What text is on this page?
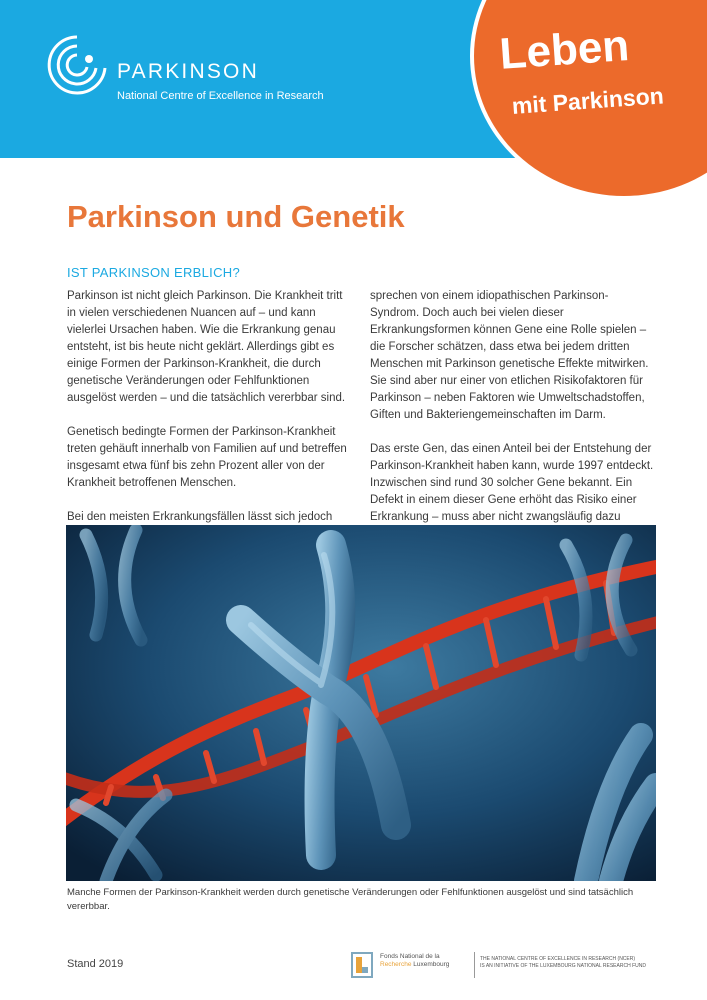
PARKINSON
National Centre of Excellence in Research
Leben
mit Parkinson
Parkinson und Genetik
IST PARKINSON ERBLICH?

Parkinson ist nicht gleich Parkinson. Die Krankheit tritt in vielen verschiedenen Nuancen auf – und kann vielerlei Ursachen haben. Wie die Erkrankung genau entsteht, ist bis heute nicht geklärt. Allerdings gibt es einige Formen der Parkinson-Krankheit, die durch genetische Veränderungen oder Fehlfunktionen ausgelöst werden – und die tatsächlich vererbbar sind.

Genetisch bedingte Formen der Parkinson-Krankheit treten gehäuft innerhalb von Familien auf und betreffen insgesamt etwa fünf bis zehn Prozent aller von der Krankheit betroffenen Menschen.

Bei den meisten Erkrankungsfällen lässt sich jedoch

sprechen von einem idiopathischen Parkinson-Syndrom. Doch auch bei vielen dieser Erkrankungsformen können Gene eine Rolle spielen – die Forscher schätzen, dass etwa bei jedem dritten Menschen mit Parkinson genetische Effekte mitwirken. Sie sind aber nur einer von etlichen Risikofaktoren für Parkinson – neben Faktoren wie Umweltschadstoffen, Giften und Bakteriengemeinschaften im Darm.

Das erste Gen, das einen Anteil bei der Entstehung der Parkinson-Krankheit haben kann, wurde 1997 entdeckt. Inzwischen sind rund 30 solcher Gene bekannt. Ein Defekt in einem dieser Gene erhöht das Risiko einer Erkrankung – muss aber nicht zwangsläufig dazu

Manche Formen der Parkinson-Krankheit werden durch genetische Veränderungen oder Fehlfunktionen ausgelöst und sind tatsächlich vererbbar.
Stand 2019
Fonds National de la
Recherche Luxembourg
THE NATIONAL CENTRE OF EXCELLENCE IN RESEARCH (NCER)
IS AN INITIATIVE OF THE LUXEMBOURG NATIONAL RESEARCH FUND
